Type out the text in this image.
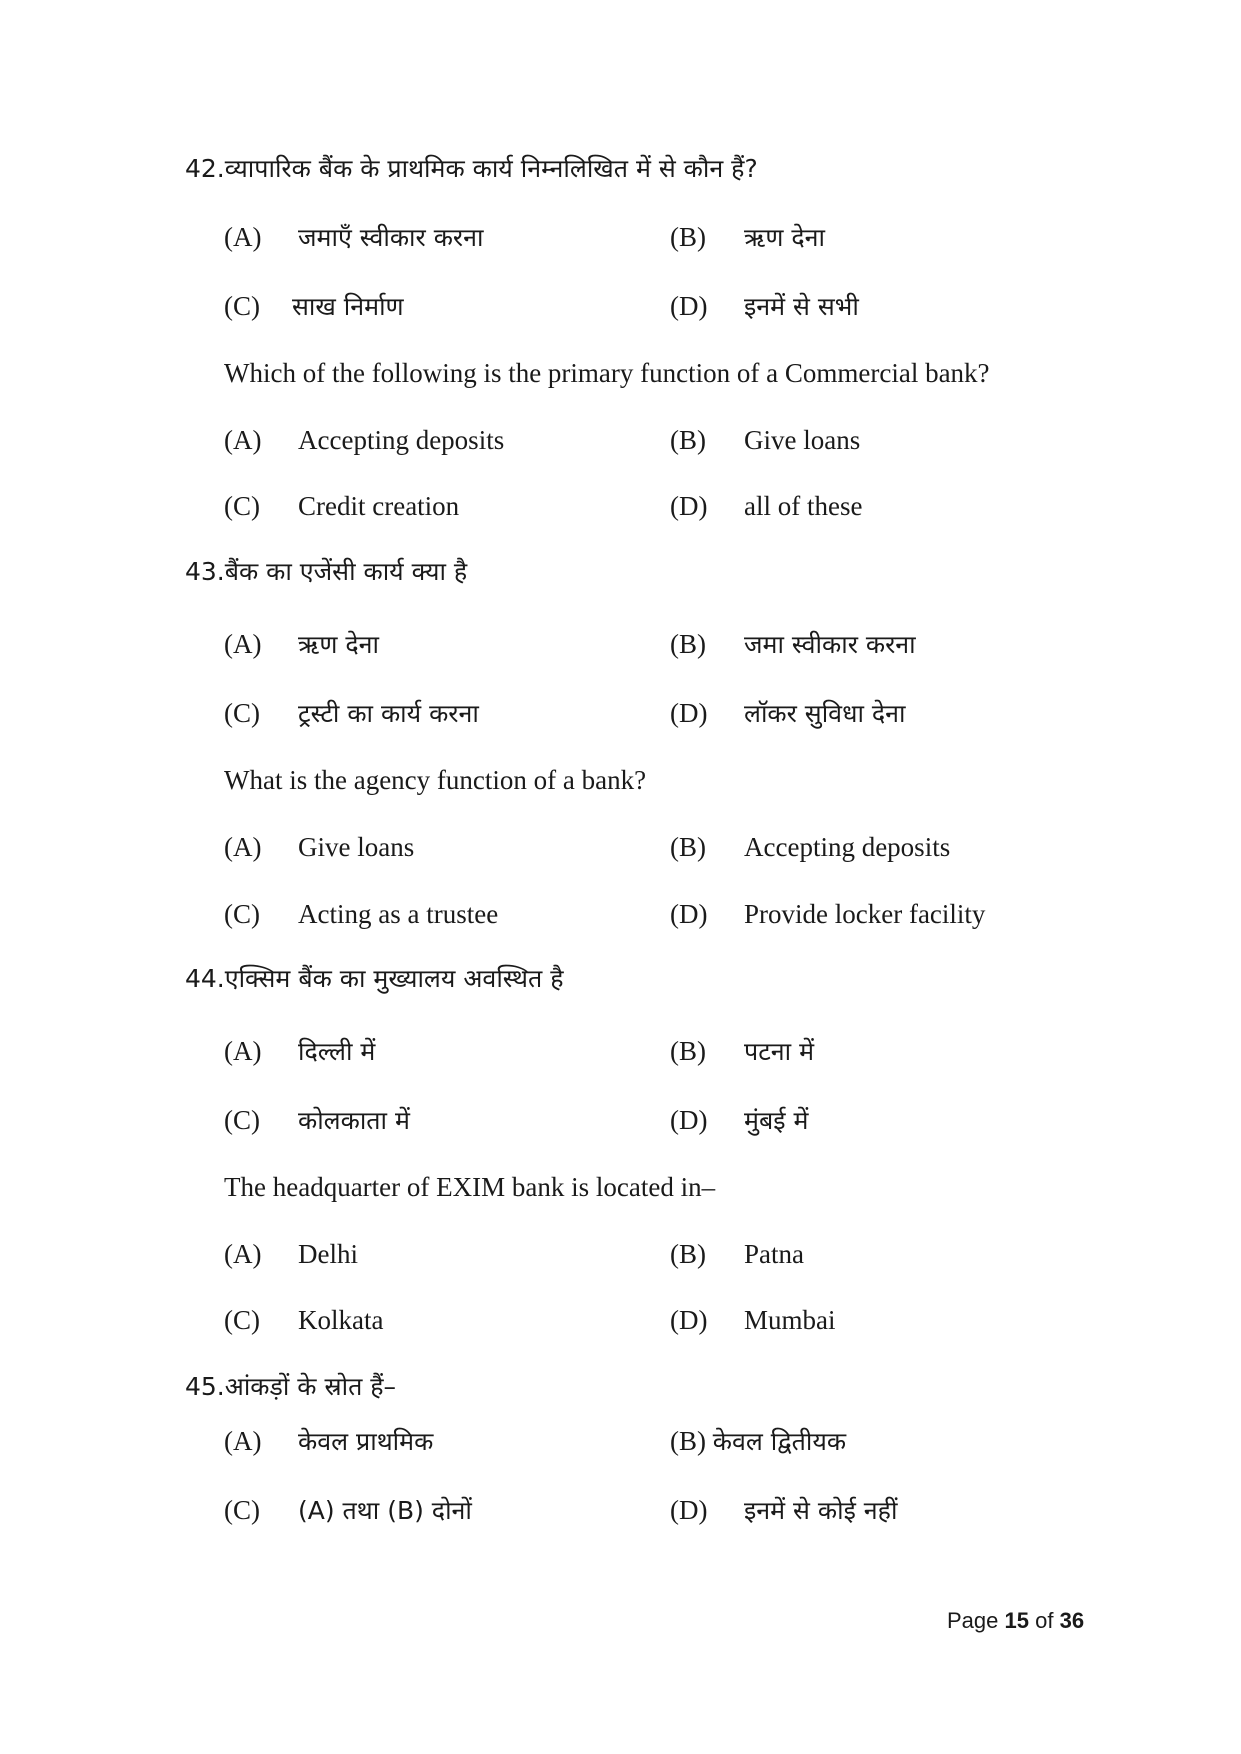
42.व्यापारिक बैंक के प्राथमिक कार्य निम्नलिखित में से कौन हैं?
(A) जमाएँ स्वीकार करना	(B) ऋण देना
(C) साख निर्माण	(D) इनमें से सभी
Which of the following is the primary function of a Commercial bank?
(A) Accepting deposits	(B) Give loans
(C) Credit creation	(D) all of these
43.बैंक का एजेंसी कार्य क्या है
(A) ऋण देना	(B) जमा स्वीकार करना
(C) ट्रस्टी का कार्य करना	(D) लॉकर सुविधा देना
What is the agency function of a bank?
(A) Give loans	(B) Accepting deposits
(C) Acting as a trustee	(D) Provide locker facility
44.एक्सिम बैंक का मुख्यालय अवस्थित है
(A) दिल्ली में	(B) पटना में
(C) कोलकाता में	(D) मुंबई में
The headquarter of EXIM bank is located in–
(A) Delhi	(B) Patna
(C) Kolkata	(D) Mumbai
45.आंकड़ों के स्रोत हैं–
(A) केवल प्राथमिक	(B) केवल द्वितीयक
(C) (A) तथा (B) दोनों	(D) इनमें से कोई नहीं
Page 15 of 36
